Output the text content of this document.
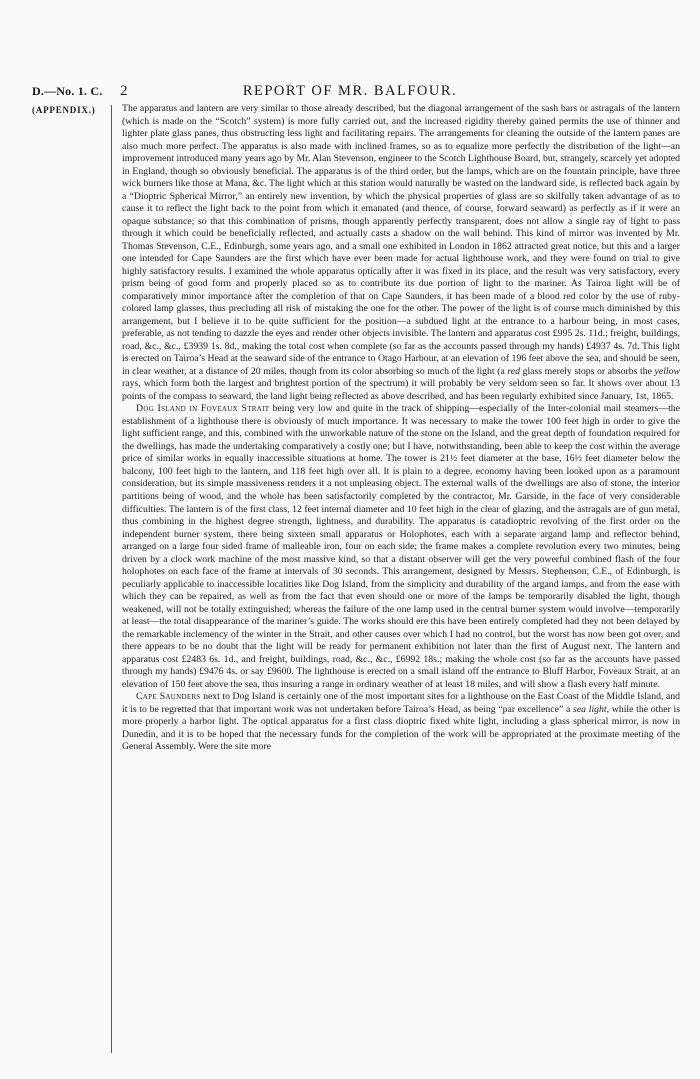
D.—No. 1. C.
(APPENDIX.)
2	REPORT OF MR. BALFOUR.

The apparatus and lantern are very similar to those already described, but the diagonal arrangement of the sash bars or astragals of the lantern (which is made on the “Scotch” system) is more fully carried out, and the increased rigidity thereby gained permits the use of thinner and lighter plate glass panes, thus obstructing less light and facilitating repairs. The arrangements for cleaning the outside of the lantern panes are also much more perfect. The apparatus is also made with inclined frames, so as to equalize more perfectly the distribution of the light—an improvement introduced many years ago by Mr. Alan Stevenson, engineer to the Scotch Lighthouse Board, but, strangely, scarcely yet adopted in England, though so obviously beneficial. The apparatus is of the third order, but the lamps, which are on the fountain principle, have three wick burners like those at Mana, &c. The light which at this station would naturally be wasted on the landward side, is reflected back again by a “Dioptric Spherical Mirror,” an entirely new invention, by which the physical properties of glass are so skilfully taken advantage of as to cause it to reflect the light back to the point from which it emanated (and thence, of course, forward seaward) as perfectly as if it were an opaque substance; so that this combination of prisms, though apparently perfectly transparent, does not allow a single ray of light to pass through it which could be beneficially reflected, and actually casts a shadow on the wall behind. This kind of mirror was invented by Mr. Thomas Stevenson, C.E., Edinburgh, some years ago, and a small one exhibited in London in 1862 attracted great notice, but this and a larger one intended for Cape Saunders are the first which have ever been made for actual lighthouse work, and they were found on trial to give highly satisfactory results. I examined the whole apparatus optically after it was fixed in its place, and the result was very satisfactory, every prism being of good form and properly placed so as to contribute its due portion of light to the mariner. As Tairoa light will be of comparatively minor importance after the completion of that on Cape Saunders, it has been made of a blood red color by the use of ruby-colored lamp glasses, thus precluding all risk of mistaking the one for the other. The power of the light is of course much diminished by this arrangement, but I believe it to be quite sufficient for the position—a subdued light at the entrance to a harbour being, in most cases, preferable, as not tending to dazzle the eyes and render other objects invisible. The lantern and apparatus cost £995 2s. 11d.; freight, buildings, road, &c., &c., £3939 1s. 8d., making the total cost when complete (so far as the accounts passed through my hands) £4937 4s. 7d. This light is erected on Tairoa’s Head at the seaward side of the entrance to Otago Harbour, at an elevation of 196 feet above the sea, and should be seen, in clear weather, at a distance of 20 miles, though from its color absorbing so much of the light (a red glass merely stops or absorbs the yellow rays, which form both the largest and brightest portion of the spectrum) it will probably be very seldom seen so far. It shows over about 13 points of the compass to seaward, the land light being reflected as above described, and has been regularly exhibited since January, 1st, 1865.

Dog Island in Foveaux Strait being very low and quite in the track of shipping—especially of the Inter-colonial mail steamers—the establishment of a lighthouse there is obviously of much importance. It was necessary to make the tower 100 feet high in order to give the light sufficient range, and this, combined with the unworkable nature of the stone on the Island, and the great depth of foundation required for the dwellings, has made the undertaking comparatively a costly one; but I have, notwithstanding, been able to keep the cost within the average price of similar works in equally inaccessible situations at home. The tower is 21½ feet diameter at the base, 16½ feet diameter below the balcony, 100 feet high to the lantern, and 118 feet high over all. It is plain to a degree, economy having been looked upon as a paramount consideration, but its simple massiveness renders it a not unpleasing object. The external walls of the dwellings are also of stone, the interior partitions being of wood, and the whole has been satisfactorily completed by the contractor, Mr. Garside, in the face of very considerable difficulties. The lantern is of the first class, 12 feet internal diameter and 10 feet high in the clear of glazing, and the astragals are of gun metal, thus combining in the highest degree strength, lightness, and durability. The apparatus is catadioptric revolving of the first order on the independent burner system, there being sixteen small apparatus or Holophotes, each with a separate argand lamp and reflector behind, arranged on a large four sided frame of malleable iron, four on each side; the frame makes a complete revolution every two minutes, being driven by a clock work machine of the most massive kind, so that a distant observer will get the very powerful combined flash of the four holophotes on each face of the frame at intervals of 30 seconds. This arrangement, designed by Messrs. Stephenson, C.E., of Edinburgh, is peculiarly applicable to inaccessible localities like Dog Island, from the simplicity and durability of the argand lamps, and from the ease with which they can be repaired, as well as from the fact that even should one or more of the lamps be temporarily disabled the light, though weakened, will not be totally extinguished; whereas the failure of the one lamp used in the central burner system would involve—temporarily at least—the total disappearance of the mariner’s guide. The works should ere this have been entirely completed had they not been delayed by the remarkable inclemency of the winter in the Strait, and other causes over which I had no control, but the worst has now been got over, and there appears to be no doubt that the light will be ready for permanent exhibition not later than the first of August next. The lantern and apparatus cost £2483 6s. 1d., and freight, buildings, road, &c., &c., £6992 18s.; making the whole cost (so far as the accounts have passed through my hands) £9476 4s. or say £9600. The lighthouse is erected on a small island off the entrance to Bluff Harbor, Foveaux Strait, at an elevation of 150 feet above the sea, thus insuring a range in ordinary weather of at least 18 miles, and will show a flash every half minute.

Cape Saunders next to Dog Island is certainly one of the most important sites for a lighthouse on the East Coast of the Middle Island, and it is to be regretted that that important work was not undertaken before Tairoa’s Head, as being “par excellence” a sea light, while the other is more properly a harbor light. The optical apparatus for a first class dioptric fixed white light, including a glass spherical mirror, is now in Dunedin, and it is to be hoped that the necessary funds for the completion of the work will be appropriated at the proximate meeting of the General Assembly. Were the site more
